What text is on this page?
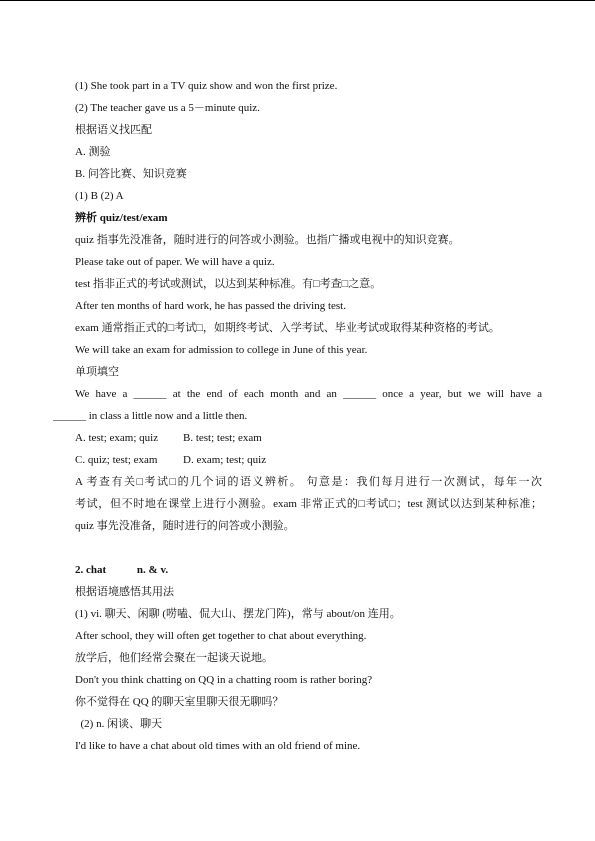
(1) She took part in a TV quiz show and won the first prize.
(2) The teacher gave us a 5－minute quiz.
根据语义找匹配
A. 测验
B. 问答比赛、知识竞赛
(1) B (2) A
辨析 quiz/test/exam
quiz 指事先没准备，随时进行的问答或小测验。也指广播或电视中的知识竞赛。
Please take out of paper. We will have a quiz.
test 指非正式的考试或测试，以达到某种标准。有□考查□之意。
After ten months of hard work, he has passed the driving test.
exam 通常指正式的□考试□，如期终考试、入学考试、毕业考试或取得某种资格的考试。
We will take an exam for admission to college in June of this year.
单项填空
We have a ______ at the end of each month and an ______ once a year, but we will have a
______ in class a little now and a little then.
A. test; exam; quiz B. test; test; exam
C. quiz; test; exam D. exam; test; quiz
A 考查有关□考试□的几个词的语义辨析。 句意是：我们每月进行一次测试，每年一次
考试，但不时地在课堂上进行小测验。exam 非常正式的□考试□；test 测试以达到某种标准；
quiz 事先没准备，随时进行的问答或小测验。
2. chat	n. & v.
根据语境感悟其用法
(1) vi. 聊天、闲聊 (唠嗑、侃大山、摆龙门阵)，常与 about/on 连用。
After school, they will often get together to chat about everything.
放学后，他们经常会聚在一起谈天说地。
Don't you think chatting on QQ in a chatting room is rather boring?
你不觉得在 QQ 的聊天室里聊天很无聊吗？
(2) n. 闲谈、聊天
I'd like to have a chat about old times with an old friend of mine.
